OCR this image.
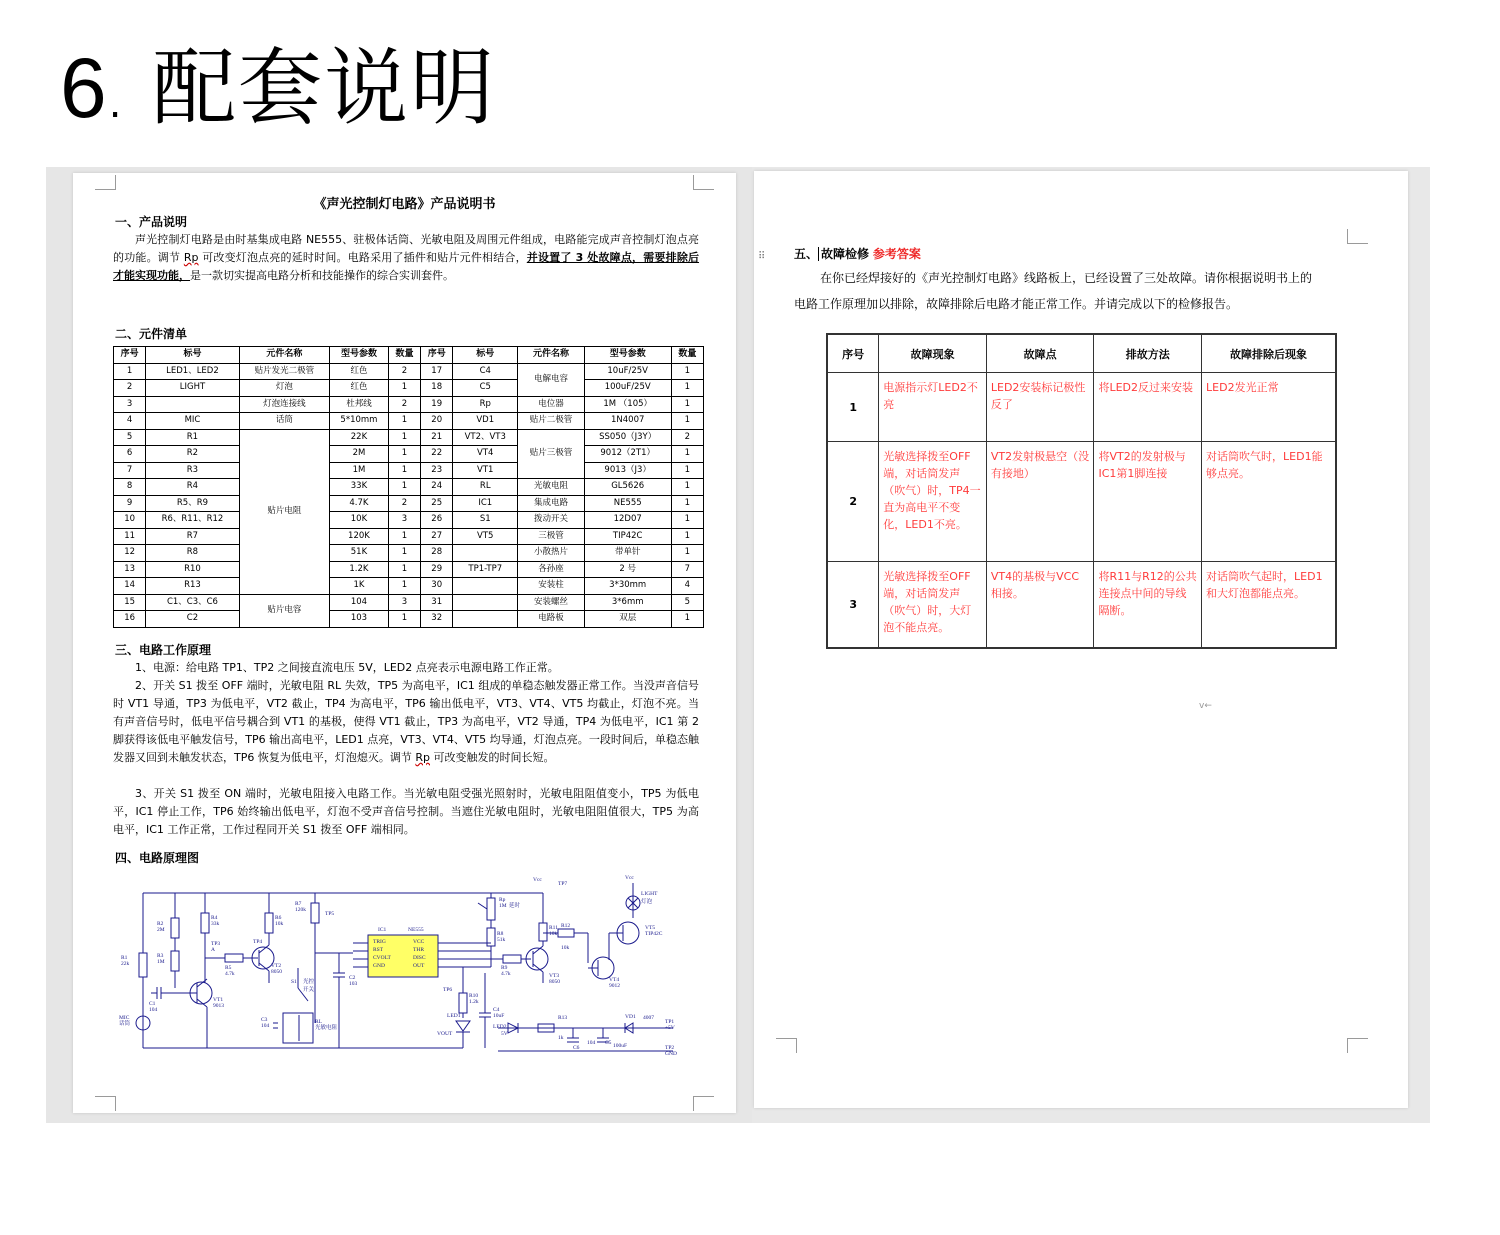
6. 配套说明
《声光控制灯电路》产品说明书
一、产品说明
声光控制灯电路是由时基集成电路 NE555、驻极体话筒、光敏电阻及周围元件组成，电路能完成声音控制灯泡点亮的功能。调节 Rp 可改变灯泡点亮的延时时间。电路采用了插件和贴片元件相结合，并设置了 3 处故障点，需要排除后才能实现功能，是一款切实提高电路分析和技能操作的综合实训套件。
二、元件清单
序号	标号	元件名称	型号参数	数量	序号	标号	元件名称	型号参数	数量
1	LED1、LED2	贴片发光二极管	红色	2	17	C4	电解电容	10uF/25V	1
2	LIGHT	灯泡	红色	1	18	C5		100uF/25V	1
3		灯泡连接线	杜邦线	2	19	Rp	电位器	1M （105）	1
4	MIC	话筒	5*10mm	1	20	VD1	贴片二极管	1N4007	1
5	R1	贴片电阻	22K	1	21	VT2、VT3	贴片三极管	SS050（J3Y）	2
6	R2		2M	1	22	VT4		9012（2T1）	1
7	R3		1M	1	23	VT1		9013（J3）	1
8	R4		33K	1	24	RL	光敏电阻	GL5626	1
9	R5、R9		4.7K	2	25	IC1	集成电路	NE555	1
10	R6、R11、R12		10K	3	26	S1	拨动开关	12D07	1
11	R7		120K	1	27	VT5	三极管	TIP42C	1
12	R8		51K	1	28		小散热片	带单针	1
13	R10		1.2K	1	29	TP1-TP7	各孙座	2 号	7
14	R13		1K	1	30		安装柱	3*30mm	4
15	C1、C3、C6	贴片电容	104	3	31		安装螺丝	3*6mm	5
16	C2		103	1	32		电路板	双层	1
三、电路工作原理
1、电源：给电路 TP1、TP2 之间接直流电压 5V，LED2 点亮表示电源电路工作正常。
2、开关 S1 拨至 OFF 端时，光敏电阻 RL 失效，TP5 为高电平，IC1 组成的单稳态触发器正常工作。当没声音信号时 VT1 导通，TP3 为低电平，VT2 截止，TP4 为高电平，TP6 输出低电平，VT3、VT4、VT5 均截止，灯泡不亮。当有声音信号时，低电平信号耦合到 VT1 的基极，使得 VT1 截止，TP3 为高电平，VT2 导通，TP4 为低电平，IC1 第 2 脚获得该低电平触发信号，TP6 输出高电平，LED1 点亮，VT3、VT4、VT5 均导通，灯泡点亮。一段时间后，单稳态触发器又回到未触发状态，TP6 恢复为低电平，灯泡熄灭。调节 Rp 可改变触发的时间长短。
3、开关 S1 拨至 ON 端时，光敏电阻接入电路工作。当光敏电阻受强光照射时，光敏电阻阻值变小，TP5 为低电平，IC1 停止工作，TP6 始终输出低电平，灯泡不受声音信号控制。当遮住光敏电阻时，光敏电阻阻值很大，TP5 为高电平，IC1 工作正常，工作过程同开关 S1 拨至 OFF 端相同。
四、电路原理图
Vcc
TP7
Vcc
LIGHT
灯泡
R2
2M
R4
33k
R6
10k
R7
120k
TP5
Rp
1M 延时
R11
10k
R12
10k
VT5
TIP42C
R1
22k
R3
1M
TP3
A
R5
4.7k
TP4
VT2
8050
IC1	NE555
TRIG	VCC
RST	THR
CVOLT	DISC
GND	OUT
R8
51k
R9
4.7k	VT3
8050	VT4
9012
C1
104
VT1
9013
S1 光控
开关
C2
103
TP6
R10
1.2k
C4
10uF
MIC
话筒
C3
104
RL
光敏电阻
LED1
VOUT
LED2
5V
R13
1k
C6
104 C5 100uF
VD1 4007
TP1
+5V
TP2
GND
⠿ 五、 故障检修 参考答案
在你已经焊接好的《声光控制灯电路》线路板上，已经设置了三处故障。请你根据说明书上的
电路工作原理加以排除，故障排除后电路才能正常工作。并请完成以下的检修报告。
序号	故障现象	故障点	排故方法	故障排除后现象
1	电源指示灯LED2不亮	LED2安装标记极性反了	将LED2反过来安装	LED2发光正常
2	光敏选择拨至OFF端，对话筒发声（吹气）时，TP4一直为高电平不变化，LED1不亮。	VT2发射极悬空（没有接地）	将VT2的发射极与IC1第1脚连接	对话筒吹气时，LED1能够点亮。
3	光敏选择拨至OFF端，对话筒发声（吹气）时，大灯泡不能点亮。	VT4的基极与VCC相接。	将R11与R12的公共连接点中间的导线隔断。	对话筒吹气起时，LED1和大灯泡都能点亮。
v←
